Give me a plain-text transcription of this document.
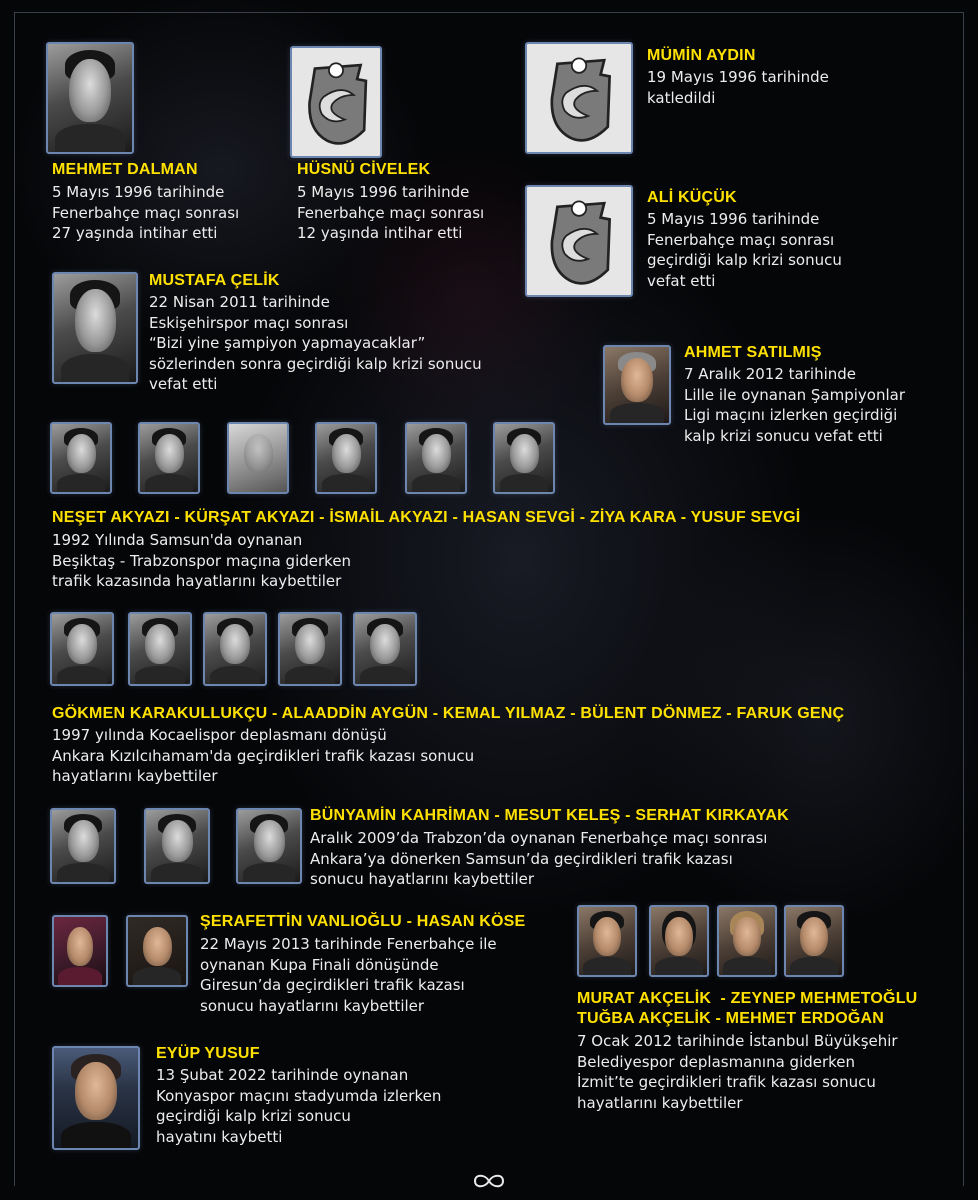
MEHMET DALMAN

5 Mayıs 1996 tarihinde
Fenerbahçe maçı sonrası
27 yaşında intihar etti

HÜSNÜ CİVELEK

5 Mayıs 1996 tarihinde
Fenerbahçe maçı sonrası
12 yaşında intihar etti

MÜMİN AYDIN

19 Mayıs 1996 tarihinde
katledildi

ALİ KÜÇÜK

5 Mayıs 1996 tarihinde
Fenerbahçe maçı sonrası
geçirdiği kalp krizi sonucu
vefat etti

MUSTAFA ÇELİK

22 Nisan 2011 tarihinde
Eskişehirspor maçı sonrası
“Bizi yine şampiyon yapmayacaklar”
sözlerinden sonra geçirdiği kalp krizi sonucu
vefat etti

AHMET SATILMIŞ

7 Aralık 2012 tarihinde
Lille ile oynanan Şampiyonlar
Ligi maçını izlerken geçirdiği
kalp krizi sonucu vefat etti

NEŞET AKYAZI - KÜRŞAT AKYAZI - İSMAİL AKYAZI - HASAN SEVGİ - ZİYA KARA - YUSUF SEVGİ

1992 Yılında Samsun'da oynanan
Beşiktaş - Trabzonspor maçına giderken
trafik kazasında hayatlarını kaybettiler

GÖKMEN KARAKULLUKÇU - ALAADDİN AYGÜN - KEMAL YILMAZ - BÜLENT DÖNMEZ - FARUK GENÇ

1997 yılında Kocaelispor deplasmanı dönüşü
Ankara Kızılcıhamam'da geçirdikleri trafik kazası sonucu
hayatlarını kaybettiler

BÜNYAMİN KAHRİMAN - MESUT KELEŞ - SERHAT KIRKAYAK

Aralık 2009’da Trabzon’da oynanan Fenerbahçe maçı sonrası
Ankara’ya dönerken Samsun’da geçirdikleri trafik kazası
sonucu hayatlarını kaybettiler

ŞERAFETTİN VANLIOĞLU - HASAN KÖSE

22 Mayıs 2013 tarihinde Fenerbahçe ile
oynanan Kupa Finali dönüşünde
Giresun’da geçirdikleri trafik kazası
sonucu hayatlarını kaybettiler	MURAT AKÇELİK  - ZEYNEP MEHMETOĞLU
TUĞBA AKÇELİK - MEHMET ERDOĞAN

7 Ocak 2012 tarihinde İstanbul Büyükşehir
Belediyespor deplasmanına giderken
İzmit’te geçirdikleri trafik kazası sonucu
hayatlarını kaybettiler

EYÜP YUSUF

13 Şubat 2022 tarihinde oynanan
Konyaspor maçını stadyumda izlerken
geçirdiği kalp krizi sonucu
hayatını kaybetti
